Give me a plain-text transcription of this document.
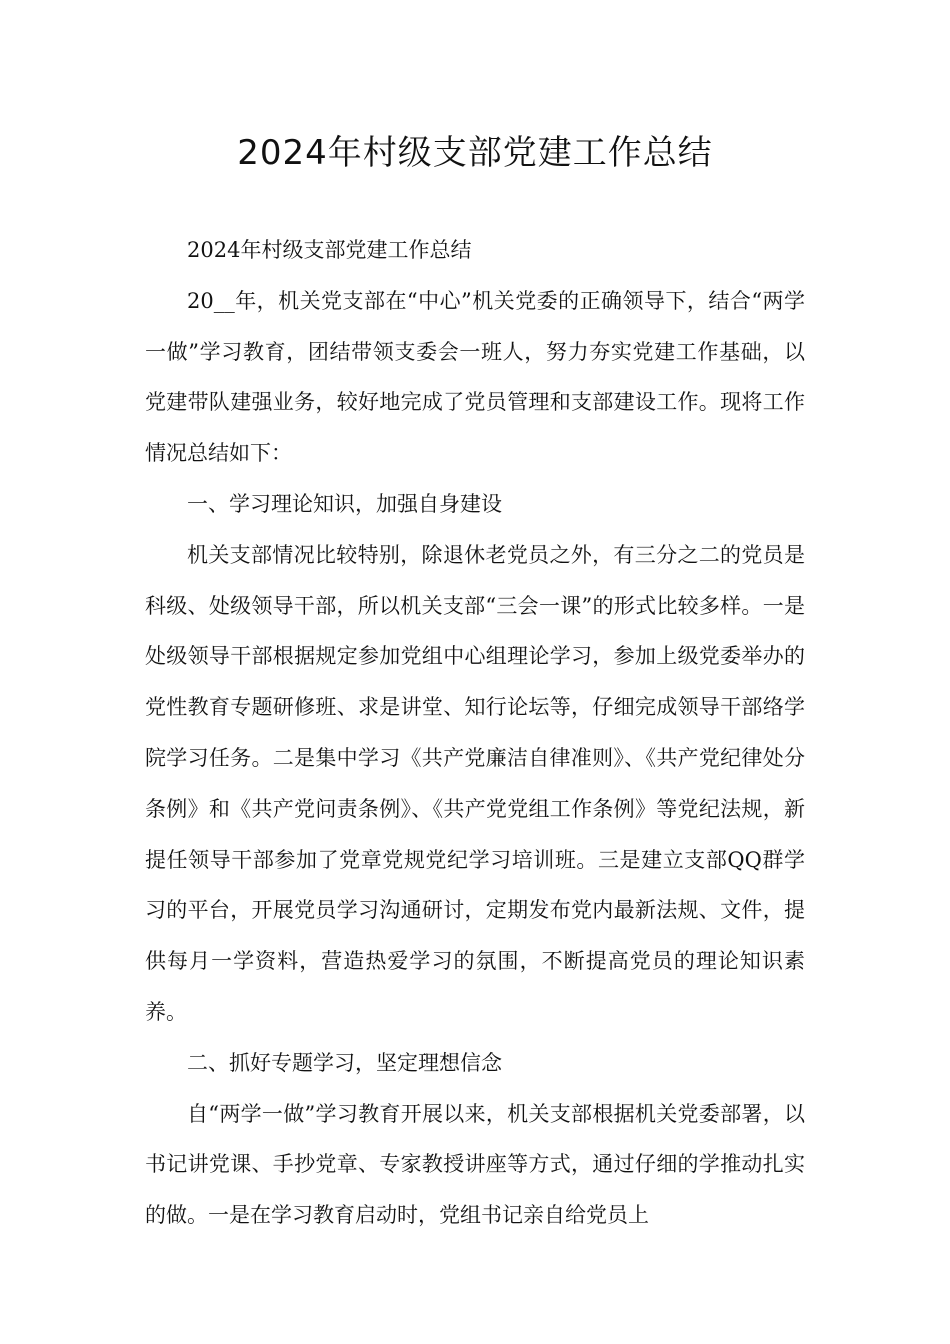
2024年村级支部党建工作总结

2024年村级支部党建工作总结

20__年，机关党支部在“中心”机关党委的正确领导下，结合“两学一做”学习教育，团结带领支委会一班人，努力夯实党建工作基础，以党建带队建强业务，较好地完成了党员管理和支部建设工作。现将工作情况总结如下：

一、学习理论知识，加强自身建设

机关支部情况比较特别，除退休老党员之外，有三分之二的党员是科级、处级领导干部，所以机关支部“三会一课”的形式比较多样。一是处级领导干部根据规定参加党组中心组理论学习，参加上级党委举办的党性教育专题研修班、求是讲堂、知行论坛等，仔细完成领导干部络学院学习任务。二是集中学习《共产党廉洁自律准则》、《共产党纪律处分条例》和《共产党问责条例》、《共产党党组工作条例》等党纪法规，新提任领导干部参加了党章党规党纪学习培训班。三是建立支部QQ群学习的平台，开展党员学习沟通研讨，定期发布党内最新法规、文件，提供每月一学资料，营造热爱学习的氛围，不断提高党员的理论知识素养。

二、抓好专题学习，坚定理想信念

自“两学一做”学习教育开展以来，机关支部根据机关党委部署，以书记讲党课、手抄党章、专家教授讲座等方式，通过仔细的学推动扎实的做。一是在学习教育启动时，党组书记亲自给党员上
